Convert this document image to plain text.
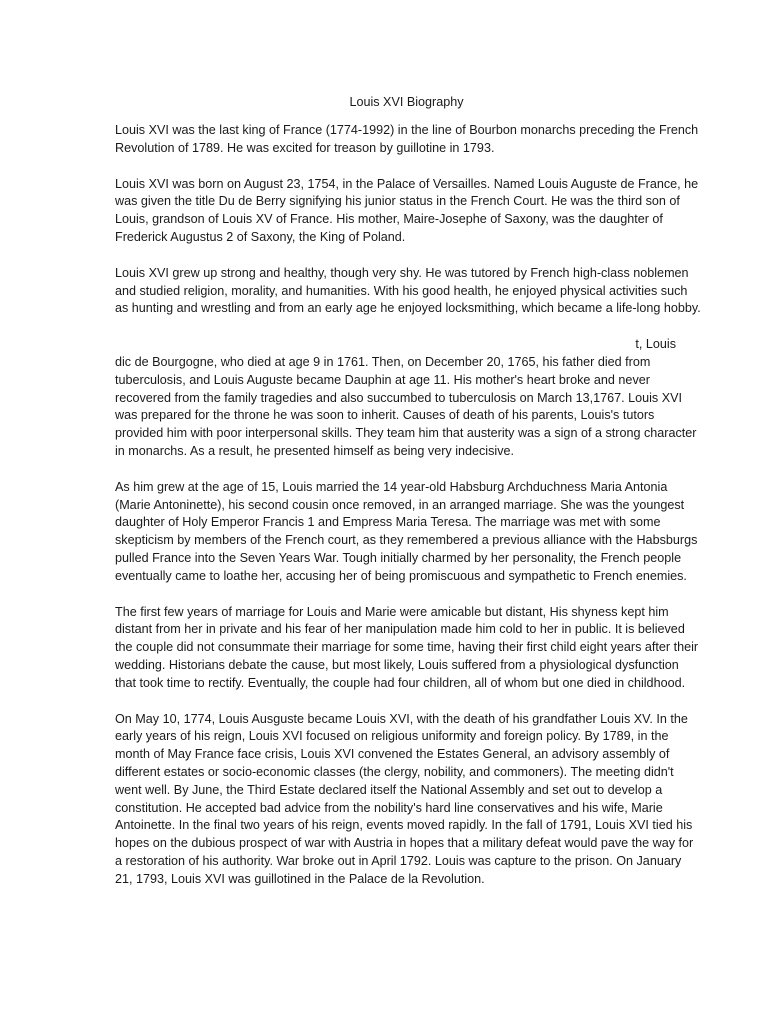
Louis XVI Biography
Louis XVI was the last king of France (1774-1992) in the line of Bourbon monarchs preceding the French
Revolution of 1789. He was excited for treason by guillotine in 1793.
Louis XVI was born on August 23, 1754, in the Palace of Versailles. Named Louis Auguste de France, he
was given the title Du de Berry signifying his junior status in the French Court. He was the third son of
Louis, grandson of Louis XV of France. His mother, Maire-Josephe of Saxony, was the daughter of
Frederick Augustus 2 of Saxony, the King of Poland.
Louis XVI grew up strong and healthy, though very shy. He was tutored by French high-class noblemen
and studied religion, morality, and humanities. With his good health, he enjoyed physical activities such
as hunting and wrestling and from an early age he enjoyed locksmithing, which became a life-long hobby.
t, Louis
dic de Bourgogne, who died at age 9 in 1761. Then, on December 20, 1765, his father died from
tuberculosis, and Louis Auguste became Dauphin at age 11. His mother's heart broke and never
recovered from the family tragedies and also succumbed to tuberculosis on March 13,1767. Louis XVI
was prepared for the throne he was soon to inherit. Causes of death of his parents, Louis's tutors
provided him with poor interpersonal skills. They team him that austerity was a sign of a strong character
in monarchs. As a result, he presented himself as being very indecisive.
As him grew at the age of 15, Louis married the 14 year-old Habsburg Archduchness Maria Antonia
(Marie Antoninette), his second cousin once removed, in an arranged marriage. She was the youngest
daughter of Holy Emperor Francis 1 and Empress Maria Teresa. The marriage was met with some
skepticism by members of the French court, as they remembered a previous alliance with the Habsburgs
pulled France into the Seven Years War. Tough initially charmed by her personality, the French people
eventually came to loathe her, accusing her of being promiscuous and sympathetic to French enemies.
The first few years of marriage for Louis and Marie were amicable but distant, His shyness kept him
distant from her in private and his fear of her manipulation made him cold to her in public. It is believed
the couple did not consummate their marriage for some time, having their first child eight years after their
wedding. Historians debate the cause, but most likely, Louis suffered from a physiological dysfunction
that took time to rectify. Eventually, the couple had four children, all of whom but one died in childhood.
On May 10, 1774, Louis Ausguste became Louis XVI, with the death of his grandfather Louis XV. In the
early years of his reign, Louis XVI focused on religious uniformity and foreign policy. By 1789, in the
month of May France face crisis, Louis XVI convened the Estates General, an advisory assembly of
different estates or socio-economic classes (the clergy, nobility, and commoners). The meeting didn't
went well. By June, the Third Estate declared itself the National Assembly and set out to develop a
constitution. He accepted bad advice from the nobility's hard line conservatives and his wife, Marie
Antoinette. In the final two years of his reign, events moved rapidly. In the fall of 1791, Louis XVI tied his
hopes on the dubious prospect of war with Austria in hopes that a military defeat would pave the way for
a restoration of his authority. War broke out in April 1792. Louis was capture to the prison. On January
21, 1793, Louis XVI was guillotined in the Palace de la Revolution.
